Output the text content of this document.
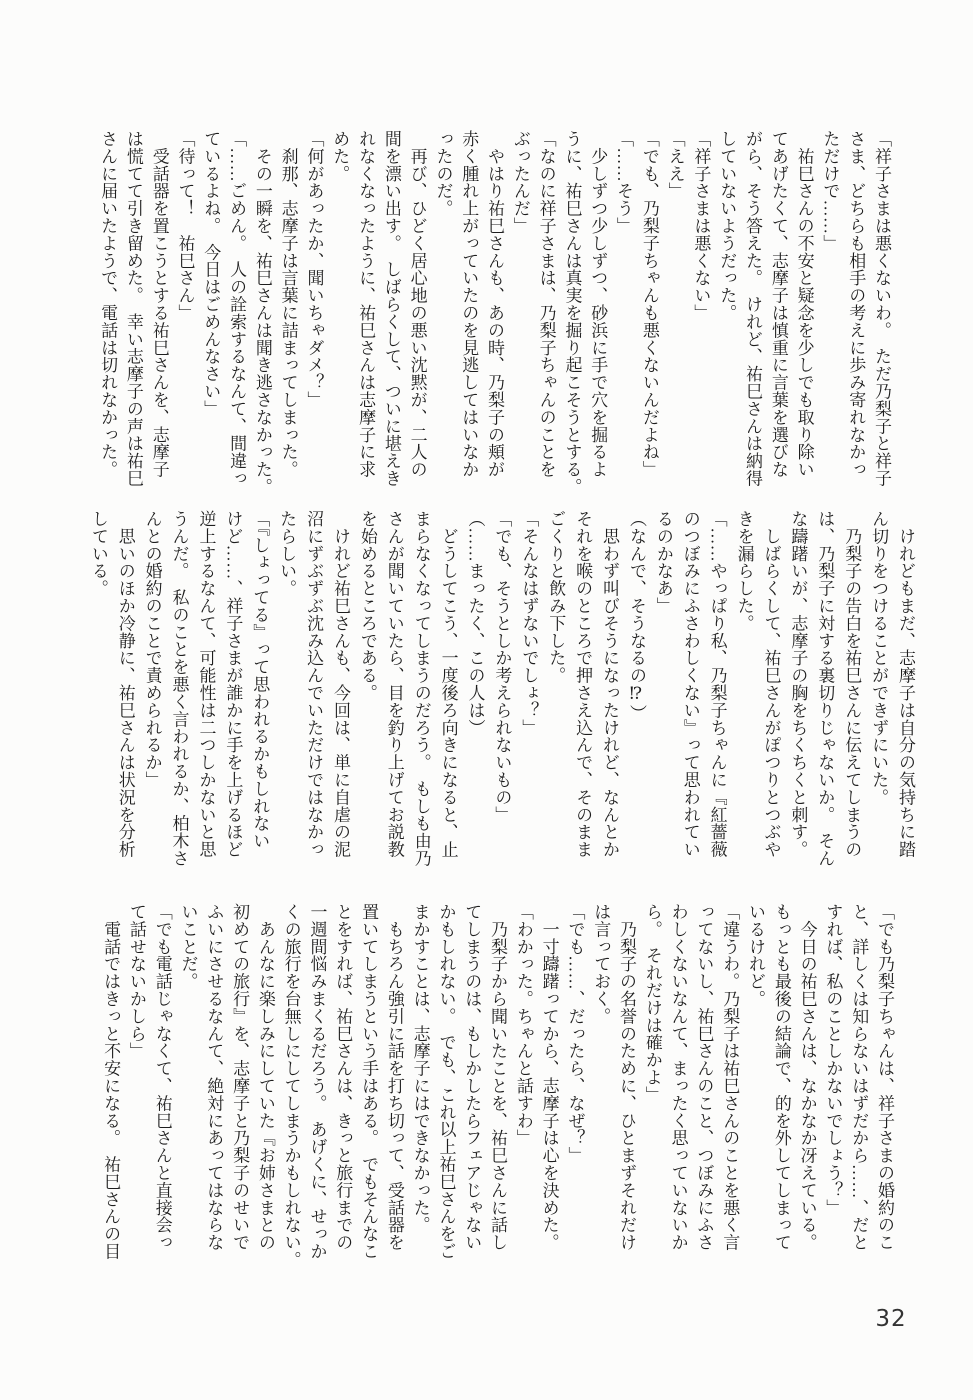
「祥子さまは悪くないわ。　ただ乃梨子と祥子

さま、どちらも相手の考えに歩み寄れなかっ

ただけで……」

　祐巳さんの不安と疑念を少しでも取り除い

てあげたくて、志摩子は慎重に言葉を選びな

がら、そう答えた。　けれど、祐巳さんは納得

していないようだった。

「祥子さまは悪くない」

「ええ」

「でも、乃梨子ちゃんも悪くないんだよね」

「……そう」

　少しずつ少しずつ、砂浜に手で穴を掘るよ

うに、祐巳さんは真実を掘り起こそうとする。

「なのに祥子さまは、乃梨子ちゃんのことを

ぶったんだ」

　やはり祐巳さんも、あの時、乃梨子の頬が

赤く腫れ上がっていたのを見逃してはいなか

ったのだ。

　再び、ひどく居心地の悪い沈黙が、二人の

間を漂い出す。　しばらくして、ついに堪えき

れなくなったように、祐巳さんは志摩子に求

めた。

「何があったか、聞いちゃダメ？」

　刹那、志摩子は言葉に詰まってしまった。

　その一瞬を、祐巳さんは聞き逃さなかった。

「……ごめん。　人の詮索するなんて、間違っ

ているよね。　今日はごめんなさい」

「待って！　祐巳さん」

　受話器を置こうとする祐巳さんを、志摩子

は慌てて引き留めた。　幸い志摩子の声は祐巳

さんに届いたようで、電話は切れなかった。

　けれどもまだ、志摩子は自分の気持ちに踏

ん切りをつけることができずにいた。

　乃梨子の告白を祐巳さんに伝えてしまうの

は、乃梨子に対する裏切りじゃないか。　そん

な躊躇いが、志摩子の胸をちくちくと刺す。

　しばらくして、祐巳さんがぽつりとつぶや

きを漏らした。

「……やっぱり私、乃梨子ちゃんに『紅薔薇

のつぼみにふさわしくない』って思われてい

るのかなあ」

（なんで、そうなるの⁉）

　思わず叫びそうになったけれど、なんとか

それを喉のところで押さえ込んで、そのまま

ごくりと飲み下した。

「そんなはずないでしょ？」

「でも、そうとしか考えられないもの」

（……まったく、この人は）

　どうしてこう、一度後ろ向きになると、止

まらなくなってしまうのだろう。　もしも由乃

さんが聞いていたら、目を釣り上げてお説教

を始めるところである。

　けれど祐巳さんも、今回は、単に自虐の泥

沼にずぶずぶ沈み込んでいただけではなかっ

たらしい。

「『しょってる』って思われるかもしれない

けど……、祥子さまが誰かに手を上げるほど

逆上するなんて、可能性は二つしかないと思

うんだ。　私のことを悪く言われるか、柏木さ

んとの婚約のことで責められるか」

　思いのほか冷静に、祐巳さんは状況を分析

している。

「でも乃梨子ちゃんは、祥子さまの婚約のこ

と、詳しくは知らないはずだから……、だと

すれば、私のことしかないでしょう？」

　今日の祐巳さんは、なかなか冴えている。

もっとも最後の結論で、的を外してしまって

いるけれど。

「違うわ。乃梨子は祐巳さんのことを悪く言

ってないし、祐巳さんのこと、つぼみにふさ

わしくないなんて、まったく思っていないか

ら。　それだけは確かよ」

　乃梨子の名誉のために、ひとまずそれだけ

は言っておく。

「でも……、だったら、なぜ？」

　一寸躊躇ってから、志摩子は心を決めた。

「わかった。ちゃんと話すわ」

　乃梨子から聞いたことを、祐巳さんに話し

てしまうのは、もしかしたらフェアじゃない

かもしれない。　でも、これ以上祐巳さんをご

まかすことは、志摩子にはできなかった。

　もちろん強引に話を打ち切って、受話器を

置いてしまうという手はある。　でもそんなこ

とをすれば、祐巳さんは、きっと旅行までの

一週間悩みまくるだろう。　あげくに、せっか

くの旅行を台無しにしてしまうかもしれない。

　あんなに楽しみにしていた『お姉さまとの

初めての旅行』を、志摩子と乃梨子のせいで

ふいにさせるなんて、絶対にあってはならな

いことだ。

「でも電話じゃなくて、祐巳さんと直接会っ

て話せないかしら」

　電話ではきっと不安になる。　祐巳さんの目

32
